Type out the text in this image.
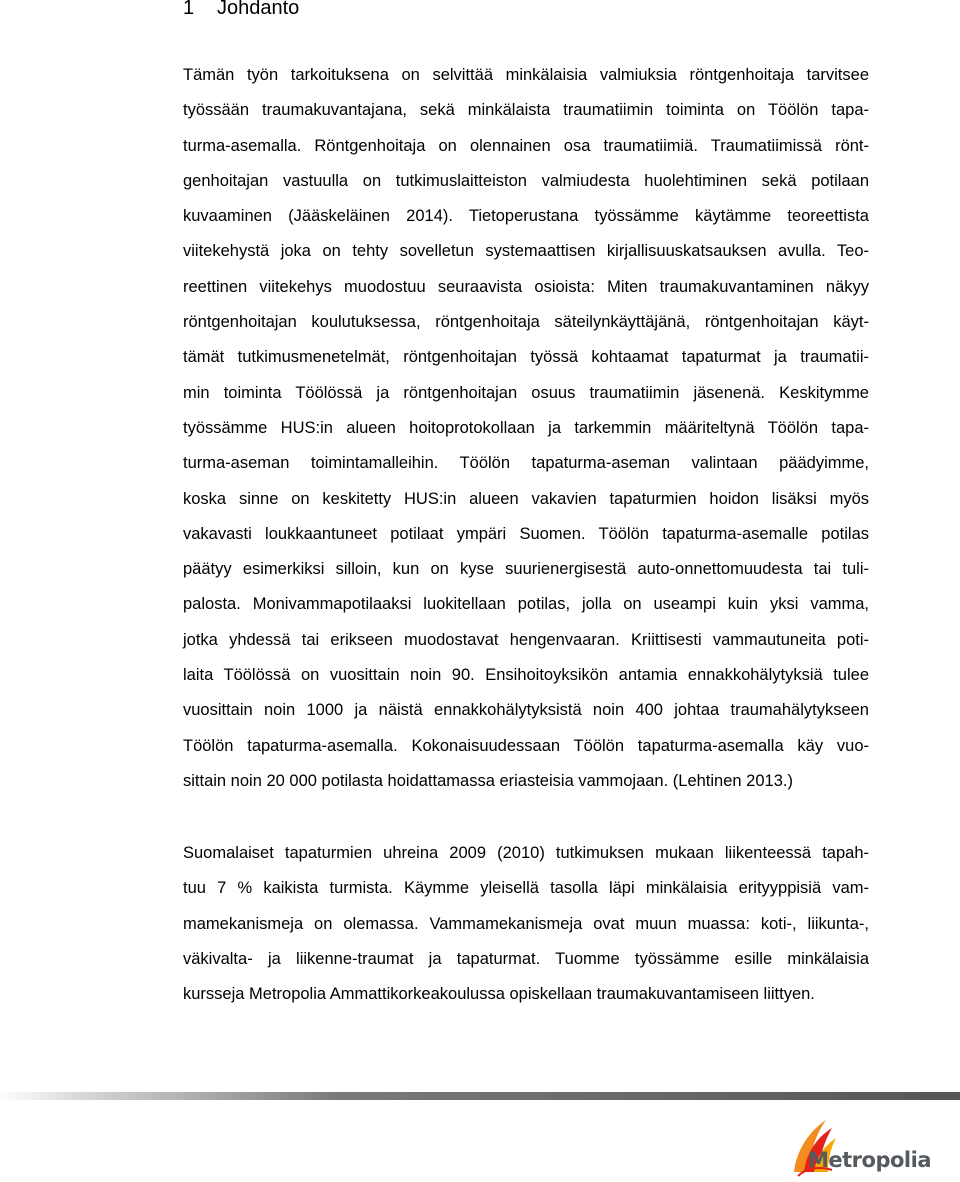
1 Johdanto
Tämän työn tarkoituksena on selvittää minkälaisia valmiuksia röntgenhoitaja tarvitsee
työssään traumakuvantajana, sekä minkälaista traumatiimin toiminta on Töölön tapa-
turma-asemalla. Röntgenhoitaja on olennainen osa traumatiimiä. Traumatiimissä rönt-
genhoitajan vastuulla on tutkimuslaitteiston valmiudesta huolehtiminen sekä potilaan
kuvaaminen (Jääskeläinen 2014). Tietoperustana työssämme käytämme teoreettista
viitekehystä joka on tehty sovelletun systemaattisen kirjallisuuskatsauksen avulla. Teo-
reettinen viitekehys muodostuu seuraavista osioista: Miten traumakuvantaminen näkyy
röntgenhoitajan koulutuksessa, röntgenhoitaja säteilynkäyttäjänä, röntgenhoitajan käyt-
tämät tutkimusmenetelmät, röntgenhoitajan työssä kohtaamat tapaturmat ja traumatii-
min toiminta Töölössä ja röntgenhoitajan osuus traumatiimin jäsenenä. Keskitymme
työssämme HUS:in alueen hoitoprotokollaan ja tarkemmin määriteltynä Töölön tapa-
turma-aseman toimintamalleihin. Töölön tapaturma-aseman valintaan päädyimme,
koska sinne on keskitetty HUS:in alueen vakavien tapaturmien hoidon lisäksi myös
vakavasti loukkaantuneet potilaat ympäri Suomen. Töölön tapaturma-asemalle potilas
päätyy esimerkiksi silloin, kun on kyse suurienergisestä auto-onnettomuudesta tai tuli-
palosta. Monivammapotilaaksi luokitellaan potilas, jolla on useampi kuin yksi vamma,
jotka yhdessä tai erikseen muodostavat hengenvaaran. Kriittisesti vammautuneita poti-
laita Töölössä on vuosittain noin 90. Ensihoitoyksikön antamia ennakkohälytyksiä tulee
vuosittain noin 1000 ja näistä ennakkohälytyksistä noin 400 johtaa traumahälytykseen
Töölön tapaturma-asemalla. Kokonaisuudessaan Töölön tapaturma-asemalla käy vuo-
sittain noin 20 000 potilasta hoidattamassa eriasteisia vammojaan. (Lehtinen 2013.)
Suomalaiset tapaturmien uhreina 2009 (2010) tutkimuksen mukaan liikenteessä tapah-
tuu 7 % kaikista turmista. Käymme yleisellä tasolla läpi minkälaisia erityyppisiä vam-
mamekanismeja on olemassa. Vammamekanismeja ovat muun muassa: koti-, liikunta-,
väkivalta- ja liikenne-traumat ja tapaturmat. Tuomme työssämme esille minkälaisia
kursseja Metropolia Ammattikorkeakoulussa opiskellaan traumakuvantamiseen liittyen.
Metropolia
